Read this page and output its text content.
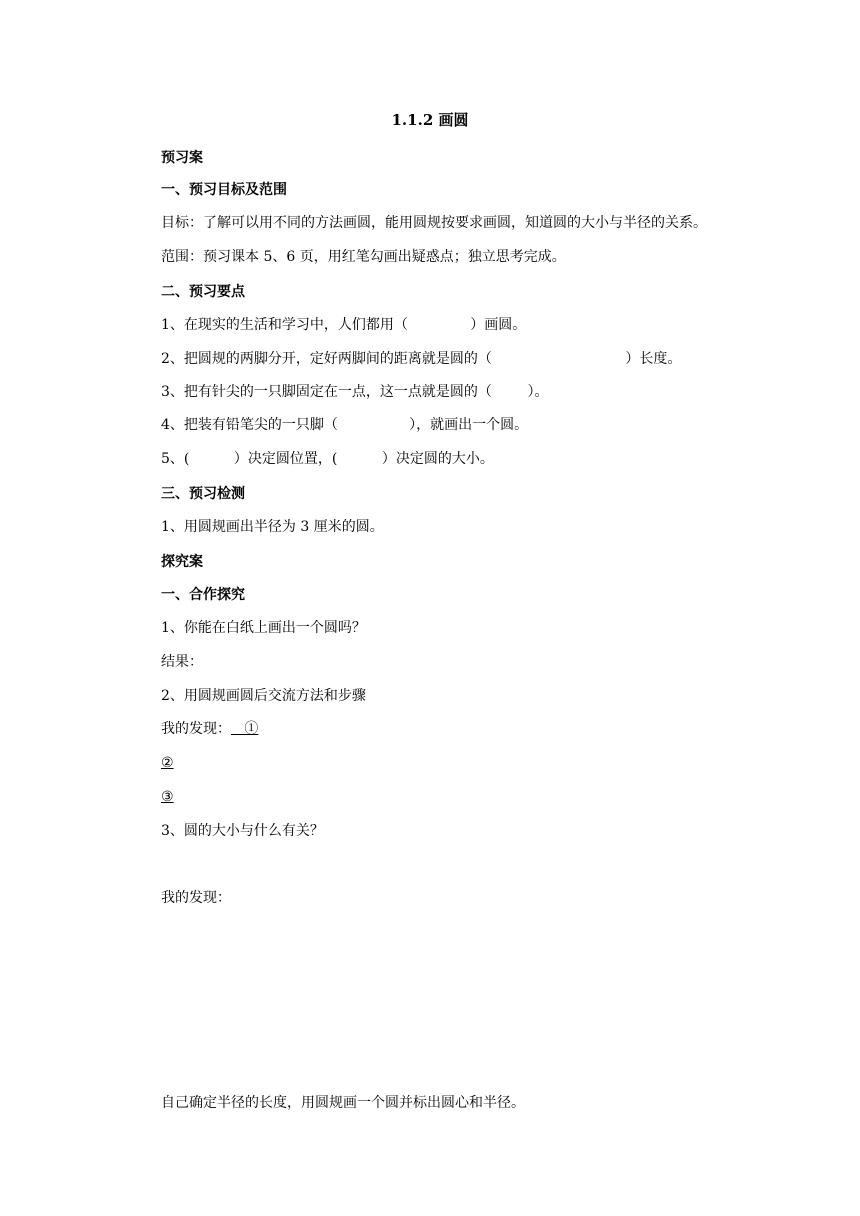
1.1.2 画圆
预习案
一、预习目标及范围
目标：了解可以用不同的方法画圆，能用圆规按要求画圆，知道圆的大小与半径的关系。
范围：预习课本 5、6 页，用红笔勾画出疑惑点；独立思考完成。
二、预习要点
1、在现实的生活和学习中，人们都用（              ）画圆。
2、把圆规的两脚分开，定好两脚间的距离就是圆的（                              ）长度。
3、把有针尖的一只脚固定在一点，这一点就是圆的（        ）。
4、把装有铅笔尖的一只脚（                ），就画出一个圆。
5、(          ）决定圆位置，(          ）决定圆的大小。
三、预习检测
1、用圆规画出半径为 3 厘米的圆。
探究案
一、合作探究
1、你能在白纸上画出一个圆吗？
结果：
2、用圆规画圆后交流方法和步骤
我的发现：   ①
②
③
3、圆的大小与什么有关？
我的发现：
自己确定半径的长度，用圆规画一个圆并标出圆心和半径。
